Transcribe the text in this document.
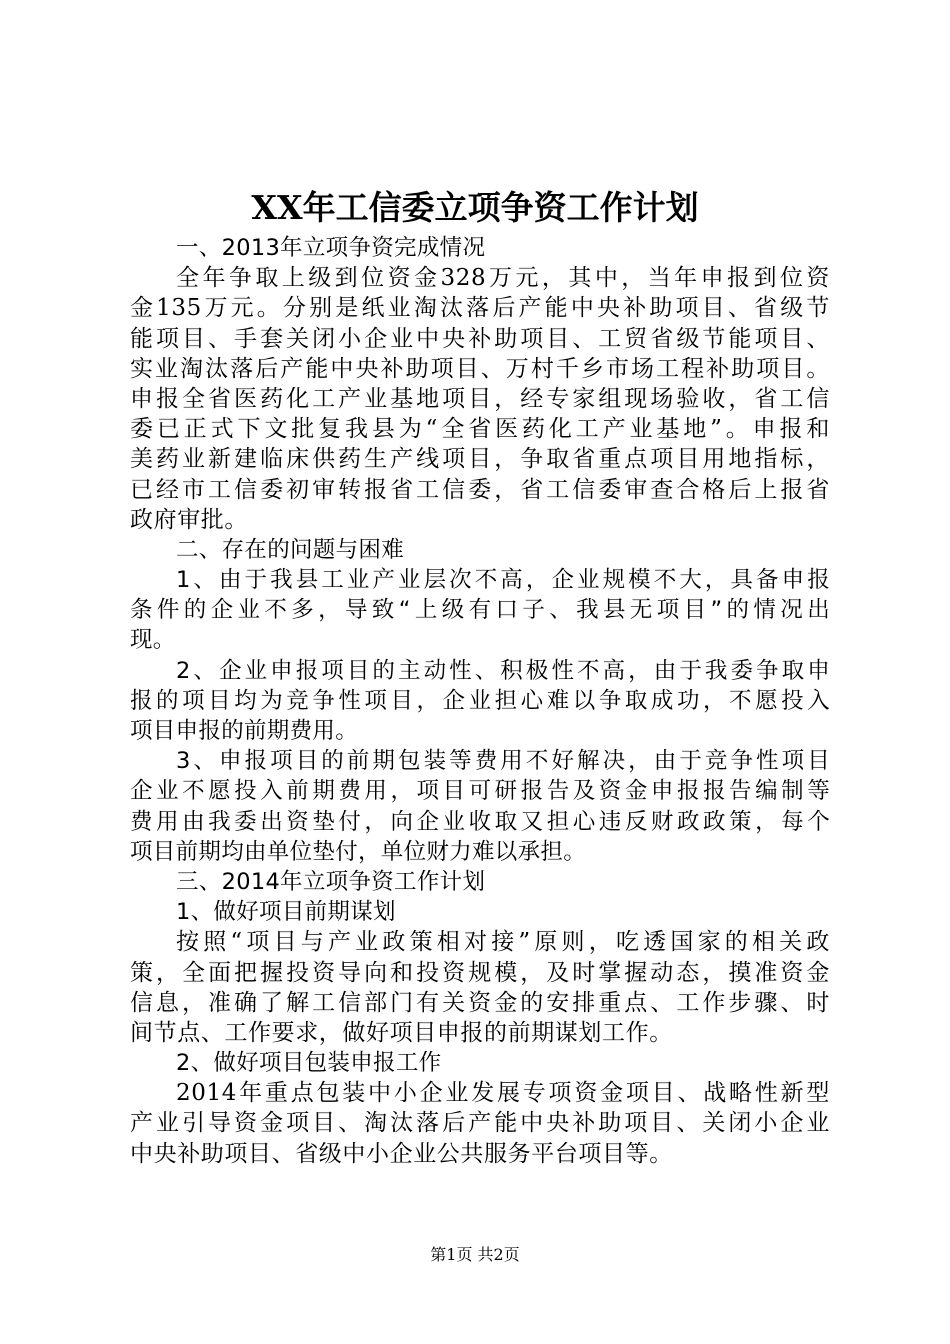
XX年工信委立项争资工作计划
一、2013年立项争资完成情况
全年争取上级到位资金328万元，其中，当年申报到位资
金135万元。分别是纸业淘汰落后产能中央补助项目、省级节
能项目、手套关闭小企业中央补助项目、工贸省级节能项目、
实业淘汰落后产能中央补助项目、万村千乡市场工程补助项目。
申报全省医药化工产业基地项目，经专家组现场验收，省工信
委已正式下文批复我县为“全省医药化工产业基地”。申报和
美药业新建临床供药生产线项目，争取省重点项目用地指标，
已经市工信委初审转报省工信委，省工信委审查合格后上报省
政府审批。
二、存在的问题与困难
1、由于我县工业产业层次不高，企业规模不大，具备申报
条件的企业不多，导致“上级有口子、我县无项目”的情况出
现。
2、企业申报项目的主动性、积极性不高，由于我委争取申
报的项目均为竞争性项目，企业担心难以争取成功，不愿投入
项目申报的前期费用。
3、申报项目的前期包装等费用不好解决，由于竞争性项目
企业不愿投入前期费用，项目可研报告及资金申报报告编制等
费用由我委出资垫付，向企业收取又担心违反财政政策，每个
项目前期均由单位垫付，单位财力难以承担。
三、2014年立项争资工作计划
1、做好项目前期谋划
按照“项目与产业政策相对接”原则，吃透国家的相关政
策，全面把握投资导向和投资规模，及时掌握动态，摸准资金
信息，准确了解工信部门有关资金的安排重点、工作步骤、时
间节点、工作要求，做好项目申报的前期谋划工作。
2、做好项目包装申报工作
2014年重点包装中小企业发展专项资金项目、战略性新型
产业引导资金项目、淘汰落后产能中央补助项目、关闭小企业
中央补助项目、省级中小企业公共服务平台项目等。
第1页 共2页
